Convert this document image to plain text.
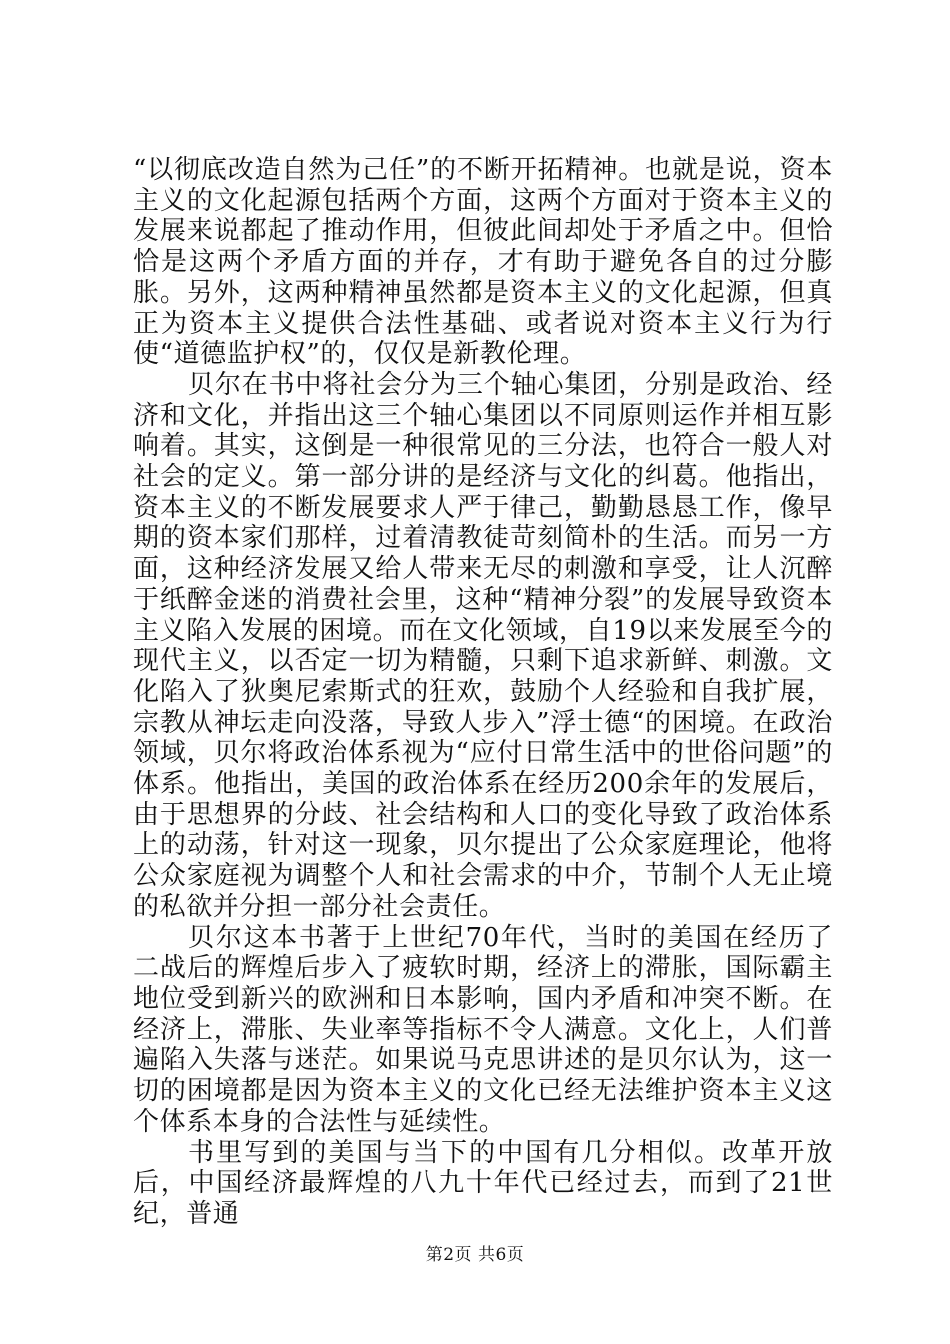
“以彻底改造自然为己任”的不断开拓精神。也就是说，资本主义的文化起源包括两个方面，这两个方面对于资本主义的发展来说都起了推动作用，但彼此间却处于矛盾之中。但恰恰是这两个矛盾方面的并存，才有助于避免各自的过分膨胀。另外，这两种精神虽然都是资本主义的文化起源，但真正为资本主义提供合法性基础、或者说对资本主义行为行使“道德监护权”的，仅仅是新教伦理。

贝尔在书中将社会分为三个轴心集团，分别是政治、经济和文化，并指出这三个轴心集团以不同原则运作并相互影响着。其实，这倒是一种很常见的三分法，也符合一般人对社会的定义。第一部分讲的是经济与文化的纠葛。他指出，资本主义的不断发展要求人严于律己，勤勤恳恳工作，像早期的资本家们那样，过着清教徒苛刻简朴的生活。而另一方面，这种经济发展又给人带来无尽的刺激和享受，让人沉醉于纸醉金迷的消费社会里，这种“精神分裂”的发展导致资本主义陷入发展的困境。而在文化领域，自19以来发展至今的现代主义，以否定一切为精髓，只剩下追求新鲜、刺激。文化陷入了狄奥尼索斯式的狂欢，鼓励个人经验和自我扩展，宗教从神坛走向没落，导致人步入”浮士德“的困境。在政治领域，贝尔将政治体系视为“应付日常生活中的世俗问题”的体系。他指出，美国的政治体系在经历200余年的发展后，由于思想界的分歧、社会结构和人口的变化导致了政治体系上的动荡，针对这一现象，贝尔提出了公众家庭理论，他将公众家庭视为调整个人和社会需求的中介，节制个人无止境的私欲并分担一部分社会责任。

贝尔这本书著于上世纪70年代，当时的美国在经历了二战后的辉煌后步入了疲软时期，经济上的滞胀，国际霸主地位受到新兴的欧洲和日本影响，国内矛盾和冲突不断。在经济上，滞胀、失业率等指标不令人满意。文化上，人们普遍陷入失落与迷茫。如果说马克思讲述的是贝尔认为，这一切的困境都是因为资本主义的文化已经无法维护资本主义这个体系本身的合法性与延续性。

书里写到的美国与当下的中国有几分相似。改革开放后，中国经济最辉煌的八九十年代已经过去，而到了21世纪，普通

第2页 共6页
